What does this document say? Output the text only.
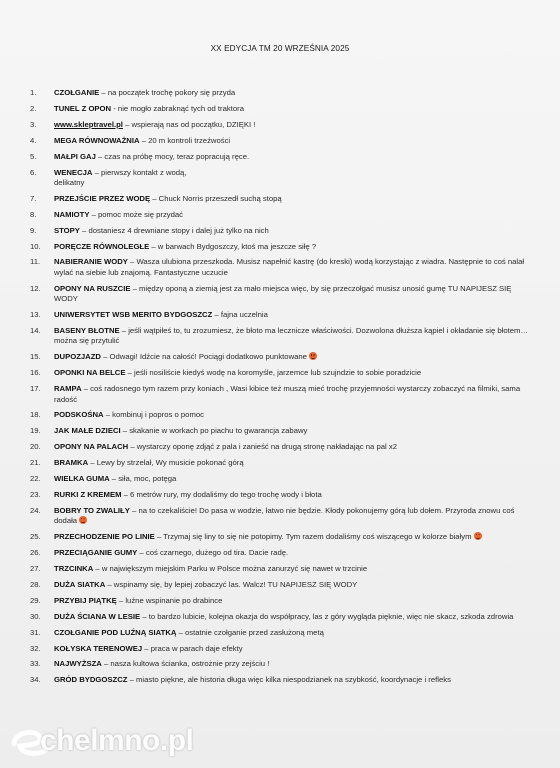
XX EDYCJA TM 20 WRZEŚNIA 2025
1.	CZOŁGANIE – na początek trochę pokory się przyda
2.	TUNEL Z OPON - nie mogło zabraknąć tych od traktora
3.	www.skleptravel.pl – wspierają nas od początku, DZIĘKI !
4.	MEGA RÓWNOWAŻNIA – 20 m kontroli trzeźwości
5.	MAŁPI GAJ – czas na próbę mocy, teraz popracują ręce.
6.	WENECJA – pierwszy kontakt z wodą,
delikatny
7.	PRZEJŚCIE PRZEZ WODĘ – Chuck Norris przeszedł suchą stopą
8.	NAMIOTY – pomoc może się przydać
9.	STOPY – dostaniesz 4 drewniane stopy i dalej już tylko na nich
10.	PORĘCZE RÓWNOLEGŁE – w barwach Bydgoszczy, ktoś ma jeszcze siłę ?
11.	NABIERANIE WODY – Wasza ulubiona przeszkoda. Musisz napełnić kastrę (do kreski) wodą korzystając z wiadra. Następnie to coś nalał wylać na siebie lub znajomą. Fantastyczne uczucie
12.	OPONY NA RUSZCIE – między oponą a ziemią jest za mało miejsca więc, by się przeczołgać musisz unosić gumę TU NAPIJESZ SIĘ WODY
13.	UNIWERSYTET WSB MERITO BYDGOSZCZ – fajna uczelnia
14.	BASENY BŁOTNE – jeśli wątpiłeś to, tu zrozumiesz, że błoto ma lecznicze właściwości. Dozwolona dłuższa kąpiel i okładanie się błotem… można się przytulić
15.	DUPOZJAZD – Odwagi! Idźcie na całość! Pociągi dodatkowo punktowane
16.	OPONKI NA BELCE – jeśli nosiliście kiedyś wodę na koromyśle, jarzemce lub szujndzie to sobie poradzicie
17.	RAMPA – coś radosnego tym razem przy koniach , Wasi kibice też muszą mieć trochę przyjemności wystarczy zobaczyć na filmiki, sama radość
18.	PODSKOŚNA – kombinuj i popros o pomoc
19.	JAK MAŁE DZIECI – skakanie w workach po piachu to gwarancja zabawy
20.	OPONY NA PALACH – wystarczy oponę zdjąć z pala i zanieść na drugą stronę nakładając na pal x2
21.	BRAMKA – Lewy by strzelał, Wy musicie pokonać górą
22.	WIELKA GUMA – siła, moc, potęga
23.	RURKI Z KREMEM – 6 metrów rury, my dodaliśmy do tego trochę wody i błota
24.	BOBRY TO ZWALIŁY – na to czekaliście! Do pasa w wodzie, łatwo nie będzie. Kłody pokonujemy górą lub dołem. Przyroda znowu coś dodała
25.	PRZECHODZENIE PO LINIE – Trzymaj się liny to się nie potopimy. Tym razem dodaliśmy coś wiszącego w kolorze białym
26.	PRZECIĄGANIE GUMY – coś czarnego, dużego od tira. Dacie radę.
27.	TRZCINKA – w największym miejskim Parku w Polsce można zanurzyć się nawet w trzcinie
28.	DUŻA SIATKA – wspinamy się, by lepiej zobaczyć las. Walcz! TU NAPIJESZ SIĘ WODY
29.	PRZYBIJ PIĄTKĘ – luźne wspinanie po drabince
30.	DUŻA ŚCIANA W LESIE – to bardzo lubicie, kolejna okazja do współpracy, las z góry wygląda pięknie, więc nie skacz, szkoda zdrowia
31.	CZOŁGANIE POD LUŹNĄ SIATKĄ – ostatnie czołganie przed zasłużoną metą
32.	KOŁYSKA TERENOWEJ – praca w parach daje efekty
33.	NAJWYŻSZA – nasza kultowa ścianka, ostrożnie przy zejściu !
34.	GRÓD BYDGOSZCZ – miasto piękne, ale historia długa więc kilka niespodzianek na szybkość, koordynacje i refleks
chelmno.pl
